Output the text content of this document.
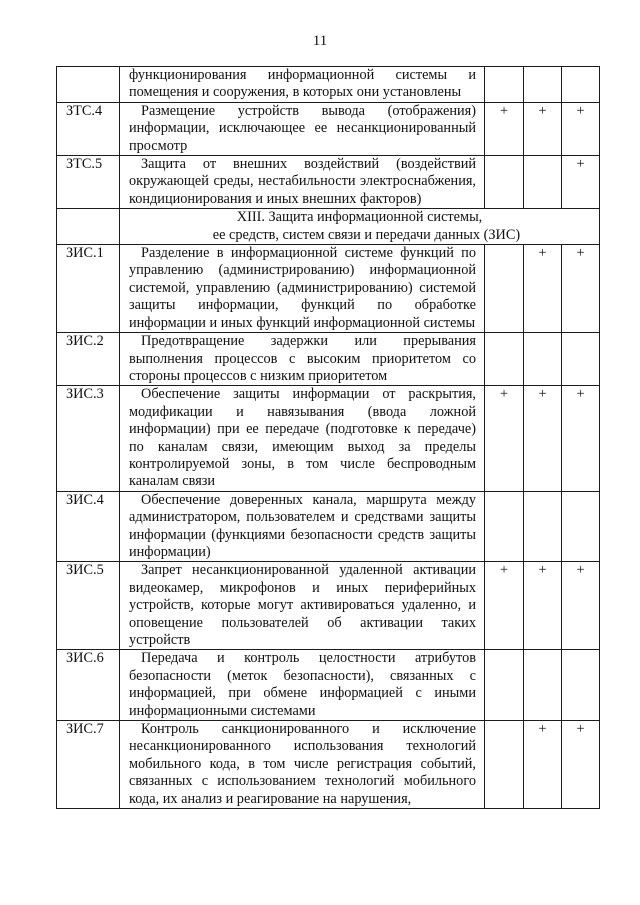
11
	функционирования информационной системы и помещения и сооружения, в которых они установлены			
ЗТС.4	Размещение устройств вывода (отображения) информации, исключающее ее несанкционированный просмотр	+	+	+
ЗТС.5	Защита от внешних воздействий (воздействий окружающей среды, нестабильности электроснабжения, кондиционирования и иных внешних факторов)			+

	XIII. Защита информационной системы,
ее средств, систем связи и передачи данных (ЗИС)			

ЗИС.1	Разделение в информационной системе функций по управлению (администрированию) информационной системой, управлению (администрированию) системой защиты информации, функций по обработке информации и иных функций информационной системы		+	+
ЗИС.2	Предотвращение задержки или прерывания выполнения процессов с высоким приоритетом со стороны процессов с низким приоритетом			
ЗИС.3	Обеспечение защиты информации от раскрытия, модификации и навязывания (ввода ложной информации) при ее передаче (подготовке к передаче) по каналам связи, имеющим выход за пределы контролируемой зоны, в том числе беспроводным каналам связи	+	+	+
ЗИС.4	Обеспечение доверенных канала, маршрута между администратором, пользователем и средствами защиты информации (функциями безопасности средств защиты информации)			
ЗИС.5	Запрет несанкционированной удаленной активации видеокамер, микрофонов и иных периферийных устройств, которые могут активироваться удаленно, и оповещение пользователей об активации таких устройств	+	+	+
ЗИС.6	Передача и контроль целостности атрибутов безопасности (меток безопасности), связанных с информацией, при обмене информацией с иными информационными системами			
ЗИС.7	Контроль санкционированного и исключение несанкционированного использования технологий мобильного кода, в том числе регистрация событий, связанных с использованием технологий мобильного кода, их анализ и реагирование на нарушения,		+	+
